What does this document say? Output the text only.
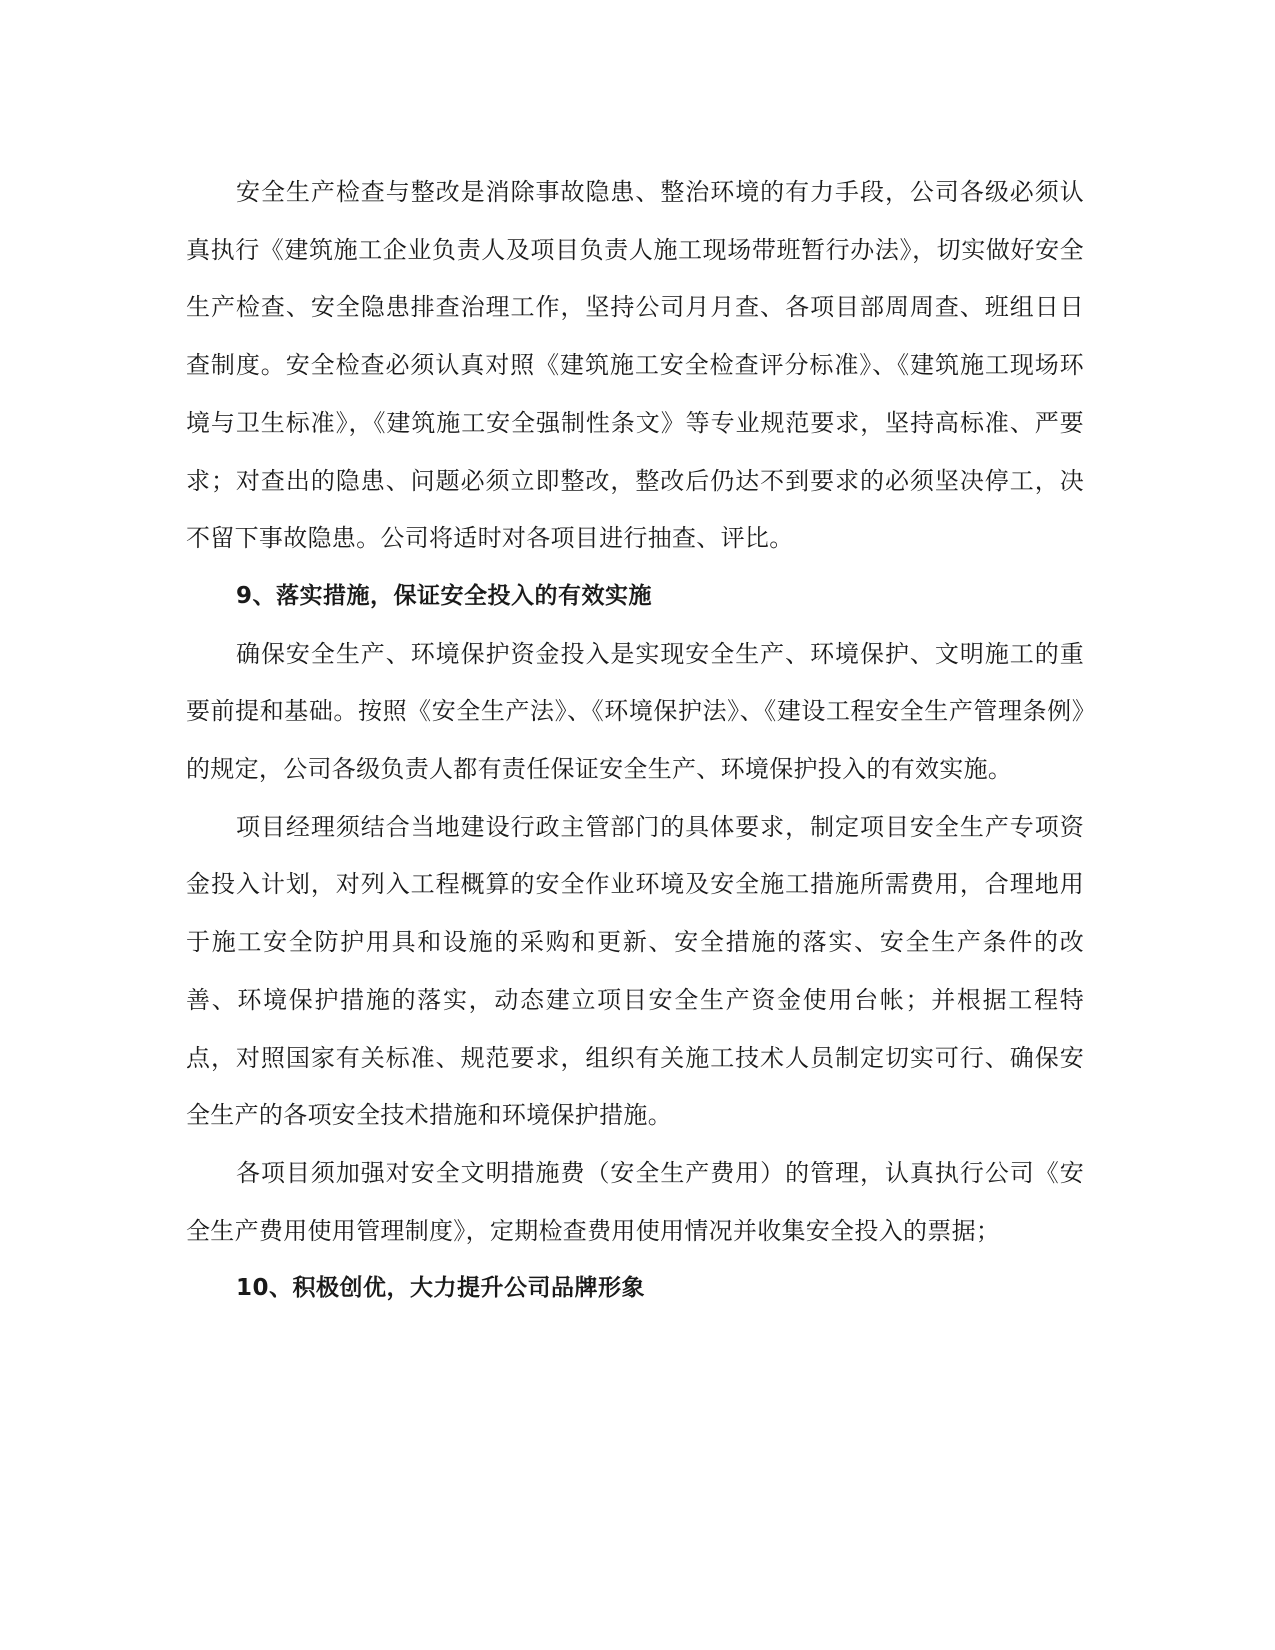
安全生产检查与整改是消除事故隐患、整治环境的有力手段，公司各级必须认真执行《建筑施工企业负责人及项目负责人施工现场带班暂行办法》，切实做好安全生产检查、安全隐患排查治理工作，坚持公司月月查、各项目部周周查、班组日日查制度。安全检查必须认真对照《建筑施工安全检查评分标准》、《建筑施工现场环境与卫生标准》，《建筑施工安全强制性条文》等专业规范要求，坚持高标准、严要求；对查出的隐患、问题必须立即整改，整改后仍达不到要求的必须坚决停工，决不留下事故隐患。公司将适时对各项目进行抽查、评比。

9、落实措施，保证安全投入的有效实施

确保安全生产、环境保护资金投入是实现安全生产、环境保护、文明施工的重要前提和基础。按照《安全生产法》、《环境保护法》、《建设工程安全生产管理条例》的规定，公司各级负责人都有责任保证安全生产、环境保护投入的有效实施。

项目经理须结合当地建设行政主管部门的具体要求，制定项目安全生产专项资金投入计划，对列入工程概算的安全作业环境及安全施工措施所需费用，合理地用于施工安全防护用具和设施的采购和更新、安全措施的落实、安全生产条件的改善、环境保护措施的落实，动态建立项目安全生产资金使用台帐；并根据工程特点，对照国家有关标准、规范要求，组织有关施工技术人员制定切实可行、确保安全生产的各项安全技术措施和环境保护措施。

各项目须加强对安全文明措施费（安全生产费用）的管理，认真执行公司《安全生产费用使用管理制度》，定期检查费用使用情况并收集安全投入的票据；

10、积极创优，大力提升公司品牌形象
